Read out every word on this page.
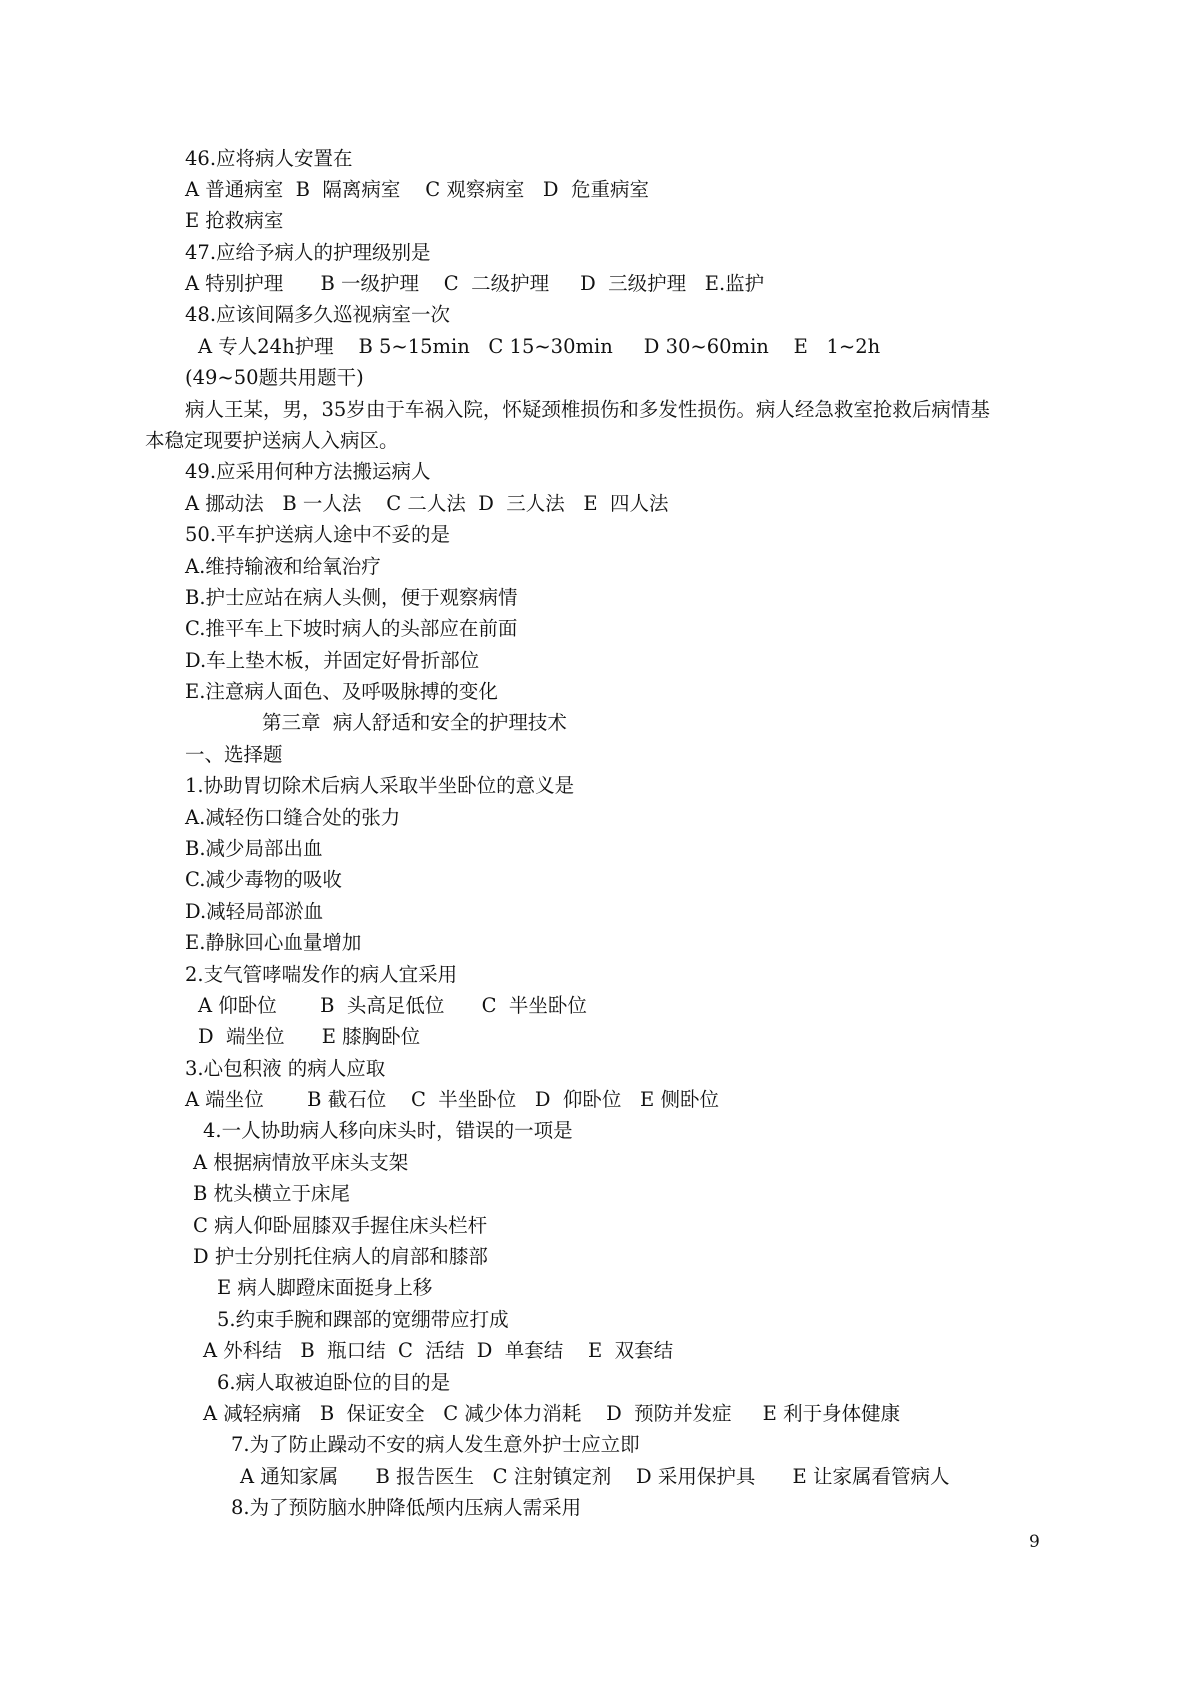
46.应将病人安置在
A 普通病室  B  隔离病室    C 观察病室   D  危重病室
E 抢救病室
47.应给予病人的护理级别是
A 特别护理      B 一级护理    C  二级护理     D  三级护理   E.监护
48.应该间隔多久巡视病室一次
A 专人24h护理    B 5~15min   C 15~30min     D 30~60min    E   1~2h
(49~50题共用题干)
病人王某，男，35岁由于车祸入院，怀疑颈椎损伤和多发性损伤。病人经急救室抢救后病情基
本稳定现要护送病人入病区。
49.应采用何种方法搬运病人
A 挪动法   B 一人法    C 二人法  D  三人法   E  四人法
50.平车护送病人途中不妥的是
A.维持输液和给氧治疗
B.护士应站在病人头侧，便于观察病情
C.推平车上下坡时病人的头部应在前面
D.车上垫木板，并固定好骨折部位
E.注意病人面色、及呼吸脉搏的变化
第三章  病人舒适和安全的护理技术
一、选择题
1.协助胃切除术后病人采取半坐卧位的意义是
A.减轻伤口缝合处的张力
B.减少局部出血
C.减少毒物的吸收
D.减轻局部淤血
E.静脉回心血量增加
2.支气管哮喘发作的病人宜采用
A 仰卧位       B  头高足低位      C  半坐卧位
D  端坐位      E 膝胸卧位
3.心包积液 的病人应取
A 端坐位       B 截石位    C  半坐卧位   D  仰卧位   E 侧卧位
4.一人协助病人移向床头时，错误的一项是
A 根据病情放平床头支架
B 枕头横立于床尾
C 病人仰卧屈膝双手握住床头栏杆
D 护士分别托住病人的肩部和膝部
E 病人脚蹬床面挺身上移
5.约束手腕和踝部的宽绷带应打成
A 外科结   B  瓶口结  C  活结  D  单套结    E  双套结
6.病人取被迫卧位的目的是
A 减轻病痛   B  保证安全   C 减少体力消耗    D  预防并发症     E 利于身体健康
7.为了防止躁动不安的病人发生意外护士应立即
A 通知家属      B 报告医生   C 注射镇定剂    D 采用保护具      E 让家属看管病人
8.为了预防脑水肿降低颅内压病人需采用
9
